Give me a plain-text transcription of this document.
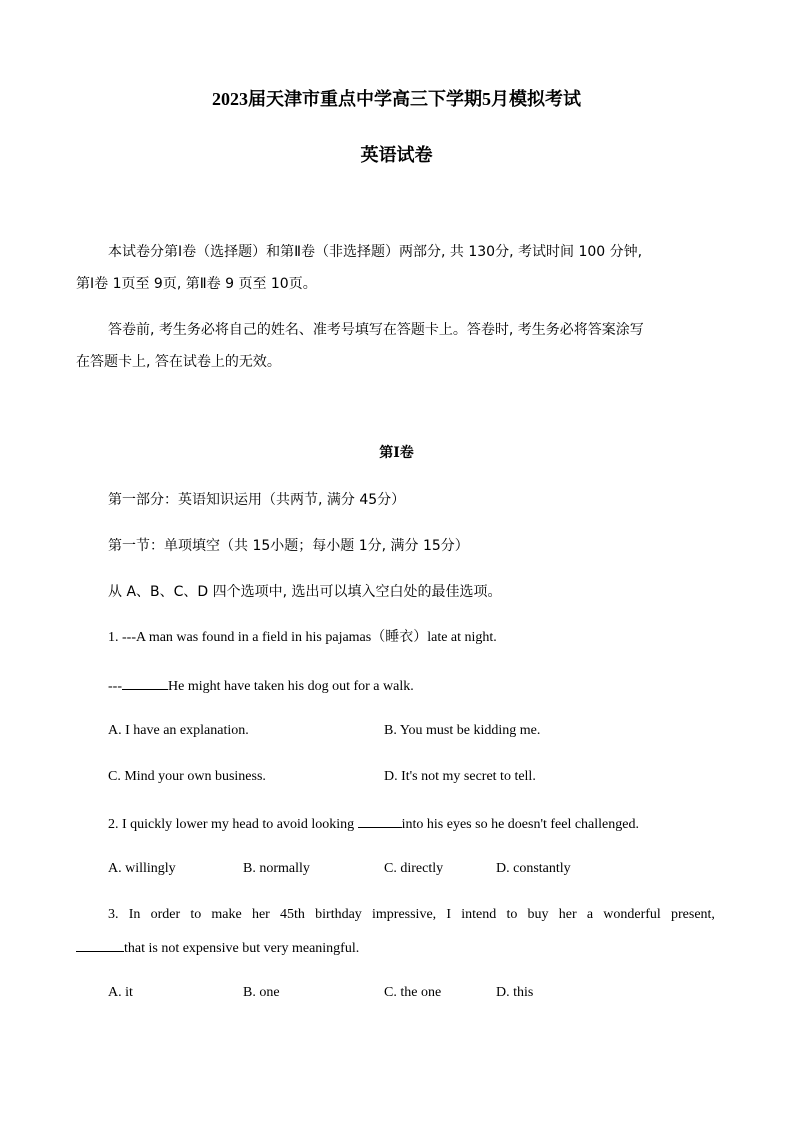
2023届天津市重点中学高三下学期5月模拟考试
英语试卷
本试卷分第Ⅰ卷（选择题）和第Ⅱ卷（非选择题）两部分, 共 130分, 考试时间 100 分钟,
第Ⅰ卷 1页至 9页, 第Ⅱ卷 9 页至 10页。
答卷前, 考生务必将自己的姓名、准考号填写在答题卡上。答卷时, 考生务必将答案涂写
在答题卡上, 答在试卷上的无效。
第Ⅰ卷
第一部分：英语知识运用（共两节, 满分 45分）
第一节：单项填空（共 15小题；每小题 1分, 满分 15分）
从 A、B、C、D 四个选项中, 选出可以填入空白处的最佳选项。
1. ---A man was found in a field in his pajamas（睡衣）late at night.
---	He might have taken his dog out for a walk.
A. I have an explanation.	B. You must be kidding me.
C. Mind your own business.	D. It's not my secret to tell.
2. I quickly lower my head to avoid looking	into his eyes so he doesn't feel challenged.
A. willingly	B. normally	C. directly	D. constantly
3. In order to make her 45th birthday impressive, I intend to buy her a wonderful present,
that is not expensive but very meaningful.
A. it	B. one	C. the one	D. this
